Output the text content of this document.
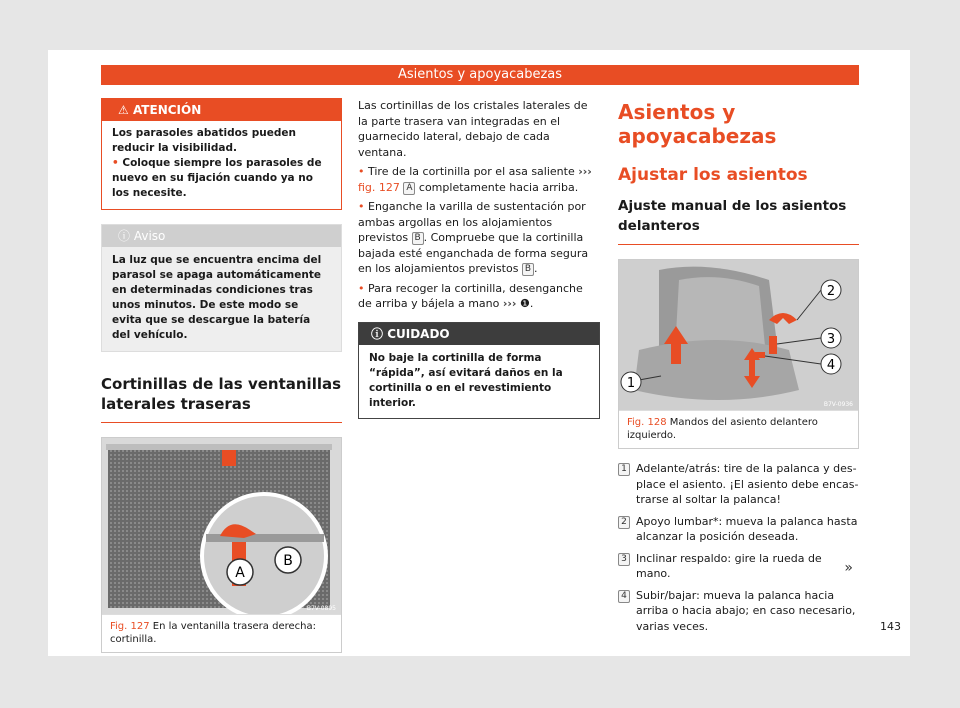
Asientos y apoyacabezas
⚠ ATENCIÓN
Los parasoles abatidos pueden reducir la visibilidad.
• Coloque siempre los parasoles de nuevo en su fijación cuando ya no los necesite.
ⓘ Aviso
La luz que se encuentra encima del parasol se apaga automáticamente en determinadas condiciones tras unos minutos. De este modo se evita que se descargue la batería del vehículo.
Cortinillas de las ventanillas laterales traseras
A
B
B7V-0895
Fig. 127 En la ventanilla trasera derecha: cortinilla.

Las cortinillas de los cristales laterales de la parte trasera van integradas en el guarnecido lateral, debajo de cada ventana.

• Tire de la cortinilla por el asa saliente ››› fig. 127 A completamente hacia arriba.

• Enganche la varilla de sustentación por ambas argollas en los alojamientos previstos B . Compruebe que la cortinilla bajada esté enganchada de forma segura en los alojamientos previstos B .

• Para recoger la cortinilla, desenganche de arriba y bájela a mano ››› ❶.

ⓘ CUIDADO
No baje la cortinilla de forma “rápida”, así evitará daños en la cortinilla o en el revestimiento interior.
Asientos y apoyacabezas
Ajustar los asientos
Ajuste manual de los asientos delanteros
1
2
3
4
B7V-0936
Fig. 128 Mandos del asiento delantero izquierdo.
1 Adelante/atrás: tire de la palanca y desplace el asiento. ¡El asiento debe encastrarse al soltar la palanca!
2 Apoyo lumbar*: mueva la palanca hasta alcanzar la posición deseada.
3 Inclinar respaldo: gire la rueda de mano.
4 Subir/bajar: mueva la palanca hacia arriba o hacia abajo; en caso necesario, varias veces.
»
143
